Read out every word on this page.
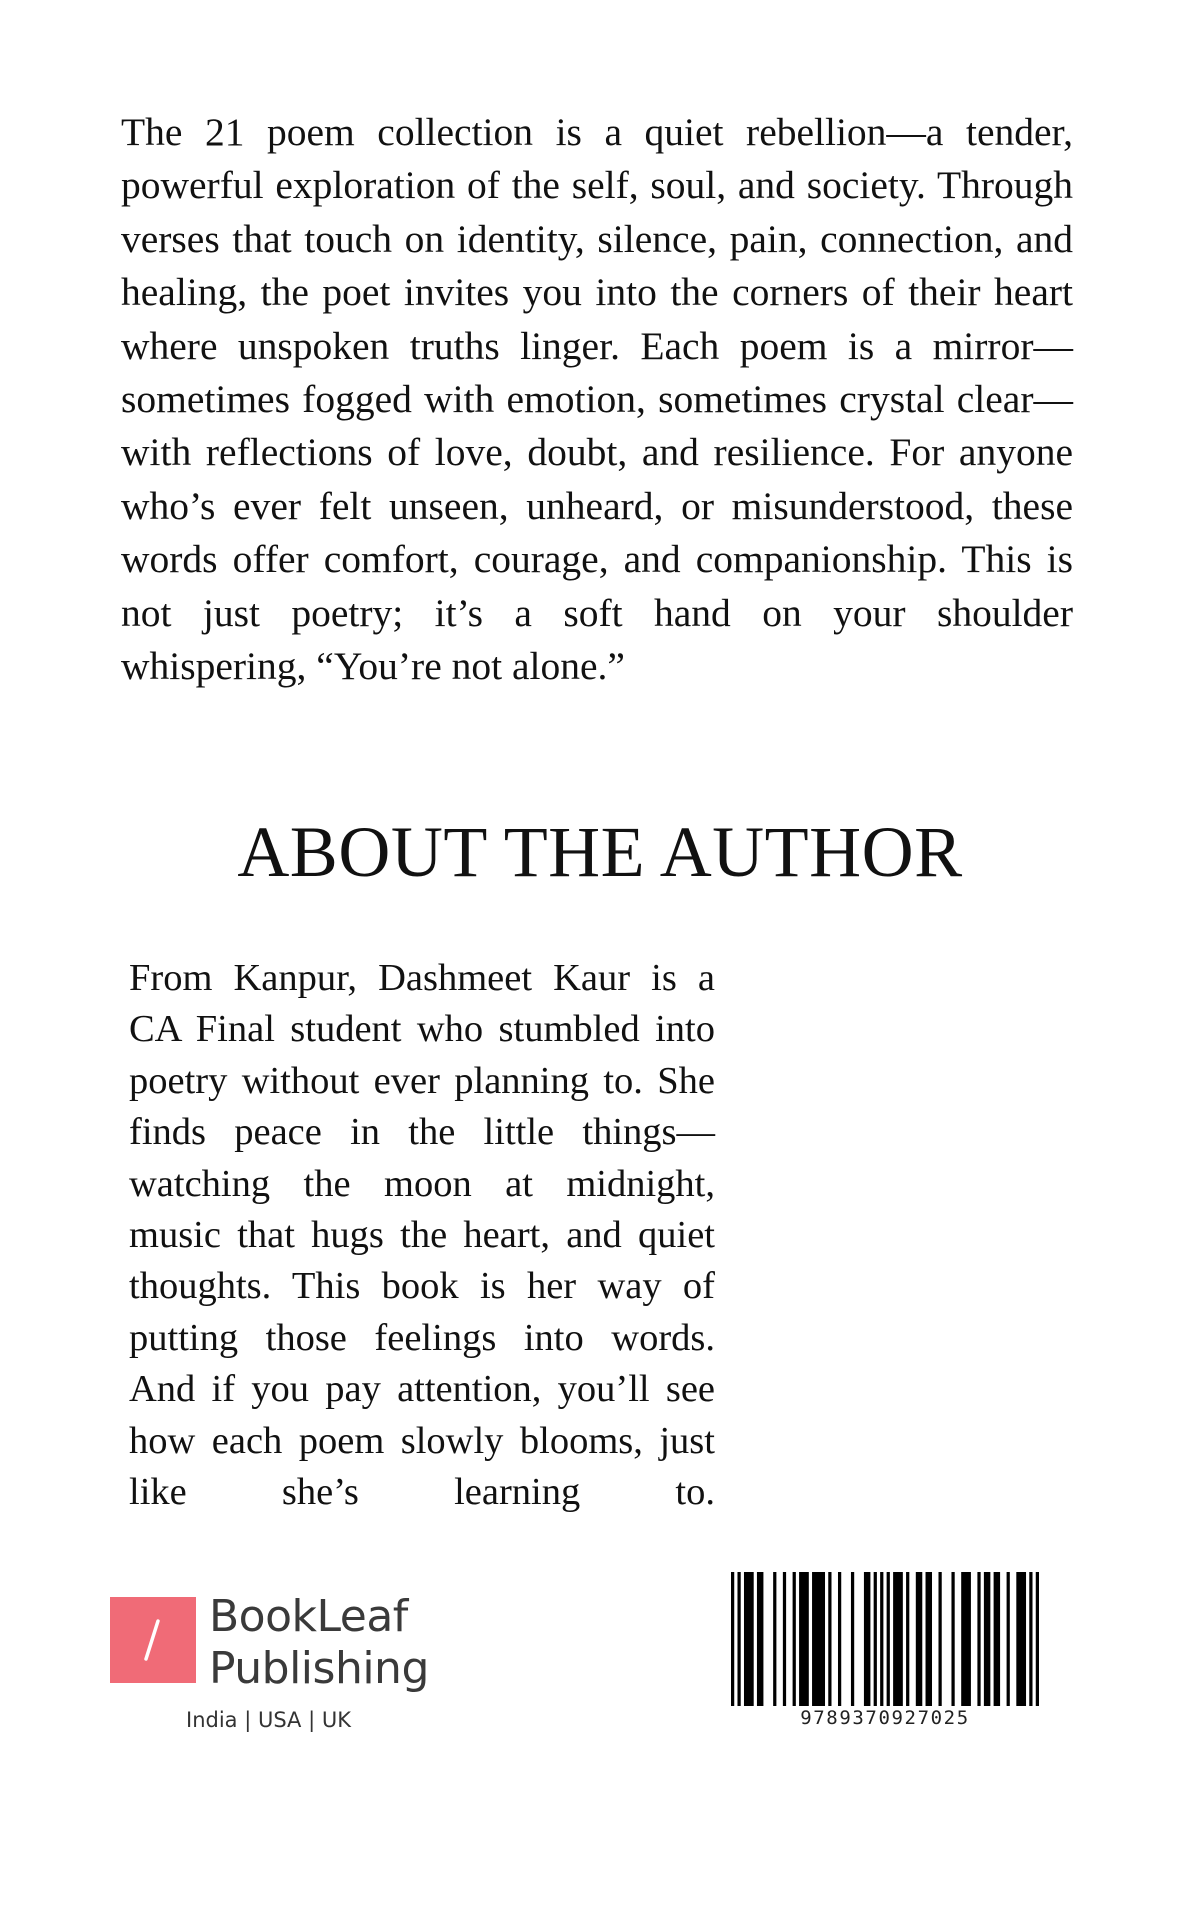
The 21 poem collection is a quiet rebellion—a tender, powerful exploration of the self, soul, and society. Through verses that touch on identity, silence, pain, connection, and healing, the poet invites you into the corners of their heart where unspoken truths linger. Each poem is a mirror—sometimes fogged with emotion, sometimes crystal clear—with reflections of love, doubt, and resilience. For anyone who’s ever felt unseen, unheard, or misunderstood, these words offer comfort, courage, and companionship. This is not just poetry; it’s a soft hand on your shoulder whispering, “You’re not alone.”

ABOUT THE AUTHOR

From Kanpur, Dashmeet Kaur is a CA Final student who stumbled into poetry without ever planning to. She finds peace in the little things—watching the moon at midnight, music that hugs the heart, and quiet thoughts. This book is her way of putting those feelings into words. And if you pay attention, you’ll see how each poem slowly blooms, just like she’s learning to.

BookLeaf
Publishing
India | USA | UK	9789370927025
